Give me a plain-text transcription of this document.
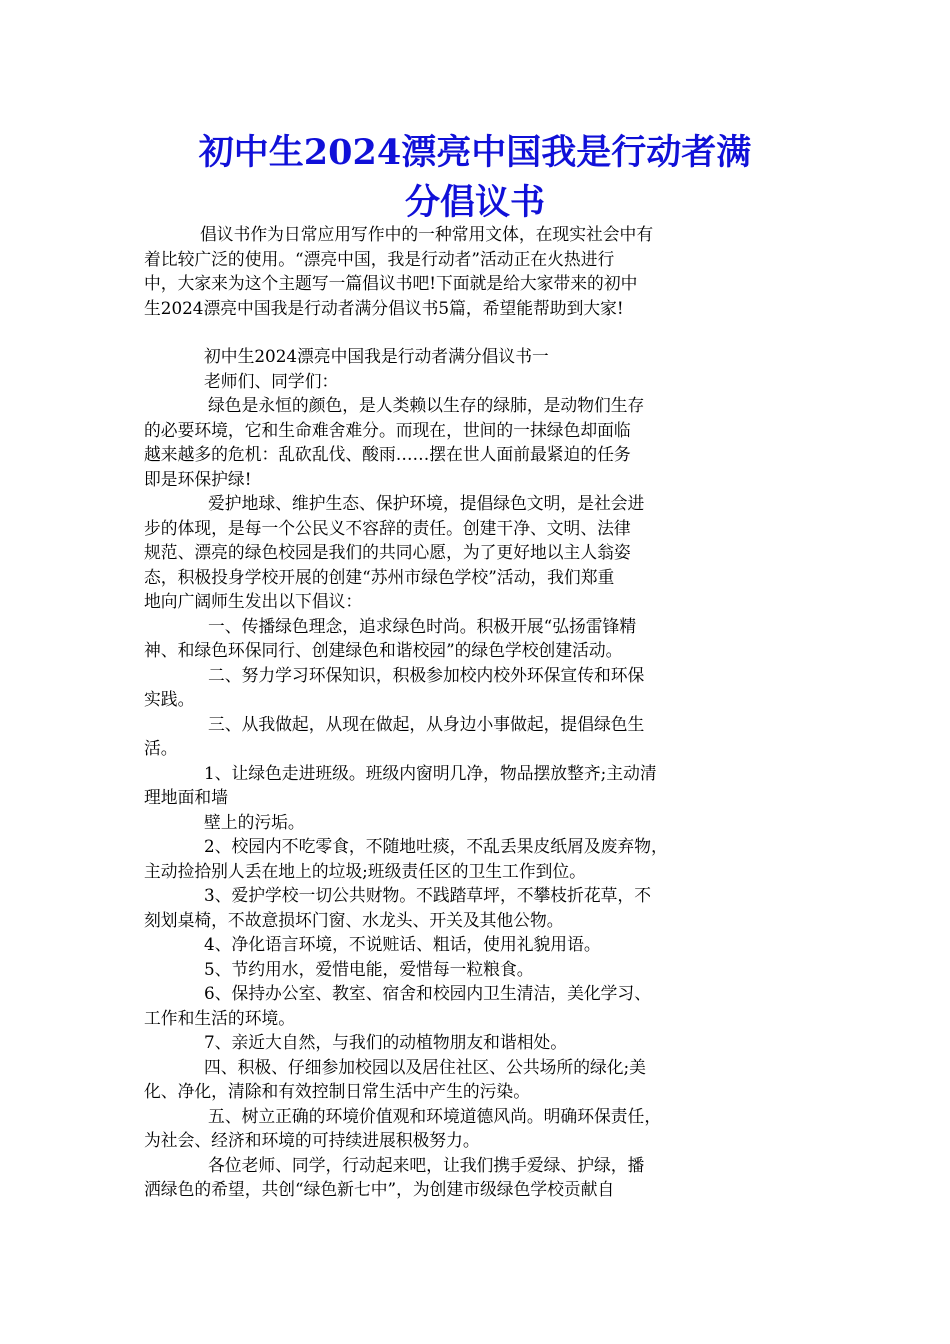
初中生2024漂亮中国我是行动者满
分倡议书

倡议书作为日常应用写作中的一种常用文体，在现实社会中有
着比较广泛的使用。“漂亮中国，我是行动者”活动正在火热进行
中，大家来为这个主题写一篇倡议书吧!下面就是给大家带来的初中
生2024漂亮中国我是行动者满分倡议书5篇，希望能帮助到大家!

初中生2024漂亮中国我是行动者满分倡议书一

老师们、同学们：

绿色是永恒的颜色，是人类赖以生存的绿肺，是动物们生存
的必要环境，它和生命难舍难分。而现在，世间的一抹绿色却面临
越来越多的危机：乱砍乱伐、酸雨……摆在世人面前最紧迫的任务
即是环保护绿!

爱护地球、维护生态、保护环境，提倡绿色文明，是社会进
步的体现，是每一个公民义不容辞的责任。创建干净、文明、法律
规范、漂亮的绿色校园是我们的共同心愿，为了更好地以主人翁姿
态，积极投身学校开展的创建“苏州市绿色学校”活动，我们郑重
地向广阔师生发出以下倡议：

一、传播绿色理念，追求绿色时尚。积极开展“弘扬雷锋精
神、和绿色环保同行、创建绿色和谐校园”的绿色学校创建活动。

二、努力学习环保知识，积极参加校内校外环保宣传和环保
实践。

三、从我做起，从现在做起，从身边小事做起，提倡绿色生
活。

1、让绿色走进班级。班级内窗明几净，物品摆放整齐;主动清
理地面和墙

壁上的污垢。

2、校园内不吃零食，不随地吐痰，不乱丢果皮纸屑及废弃物，
主动捡拾别人丢在地上的垃圾;班级责任区的卫生工作到位。

3、爱护学校一切公共财物。不践踏草坪，不攀枝折花草，不
刻划桌椅，不故意损坏门窗、水龙头、开关及其他公物。

4、净化语言环境，不说赃话、粗话，使用礼貌用语。

5、节约用水，爱惜电能，爱惜每一粒粮食。

6、保持办公室、教室、宿舍和校园内卫生清洁，美化学习、
工作和生活的环境。

7、亲近大自然，与我们的动植物朋友和谐相处。

四、积极、仔细参加校园以及居住社区、公共场所的绿化;美
化、净化，清除和有效控制日常生活中产生的污染。

五、树立正确的环境价值观和环境道德风尚。明确环保责任，
为社会、经济和环境的可持续进展积极努力。

各位老师、同学，行动起来吧，让我们携手爱绿、护绿，播
洒绿色的希望，共创“绿色新七中”，为创建市级绿色学校贡献自
